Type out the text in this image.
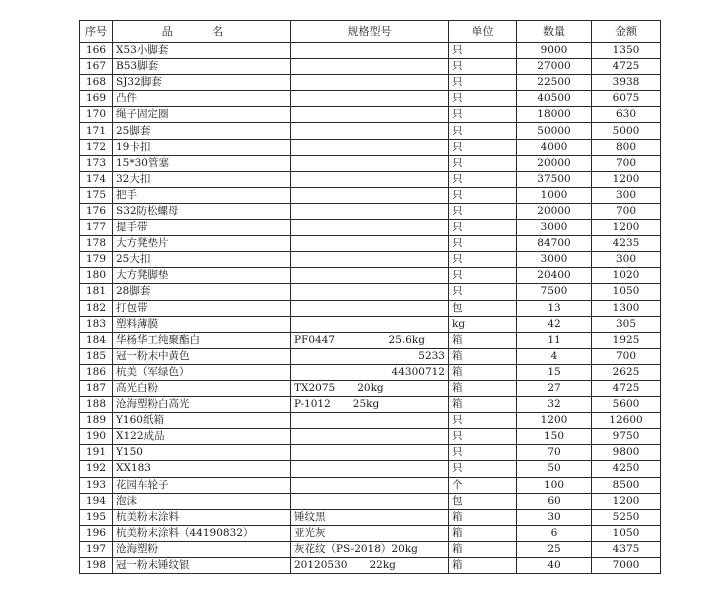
序号	品 名	规格型号	单位	数量	金额
166	X53小脚套		只	9000	1350
167	B53脚套		只	27000	4725
168	SJ32脚套		只	22500	3938
169	凸件		只	40500	6075
170	绳子固定圈		只	18000	630
171	25脚套		只	50000	5000
172	19卡扣		只	4000	800
173	15*30管塞		只	20000	700
174	32大扣		只	37500	1200
175	把手		只	1000	300
176	S32防松螺母		只	20000	700
177	提手带		只	3000	1200
178	大方凳垫片		只	84700	4235
179	25大扣		只	3000	300
180	大方凳脚垫		只	20400	1020
181	28脚套		只	7500	1050
182	打包带		包	13	1300
183	塑料薄膜		kg	42	305
184	华杨华工纯聚酯白	PF0447 25.6kg	箱	11	1925
185	冠一粉末中黄色	5233	箱	4	700
186	杭美（军绿色）	44300712	箱	15	2625
187	高光白粉	TX2075 20kg	箱	27	4725
188	沧海塑粉白高光	P-1012 25kg	箱	32	5600
189	Y160纸箱		只	1200	12600
190	X122成品		只	150	9750
191	Y150		只	70	9800
192	XX183		只	50	4250
193	花园车轮子		个	100	8500
194	泡沫		包	60	1200
195	杭美粉末涂料	锤纹黑	箱	30	5250
196	杭美粉末涂料（44190832）	亚光灰	箱	6	1050
197	沧海塑粉	灰花纹（PS-2018）20kg	箱	25	4375
198	冠一粉末锤纹银	20120530 22kg	箱	40	7000
